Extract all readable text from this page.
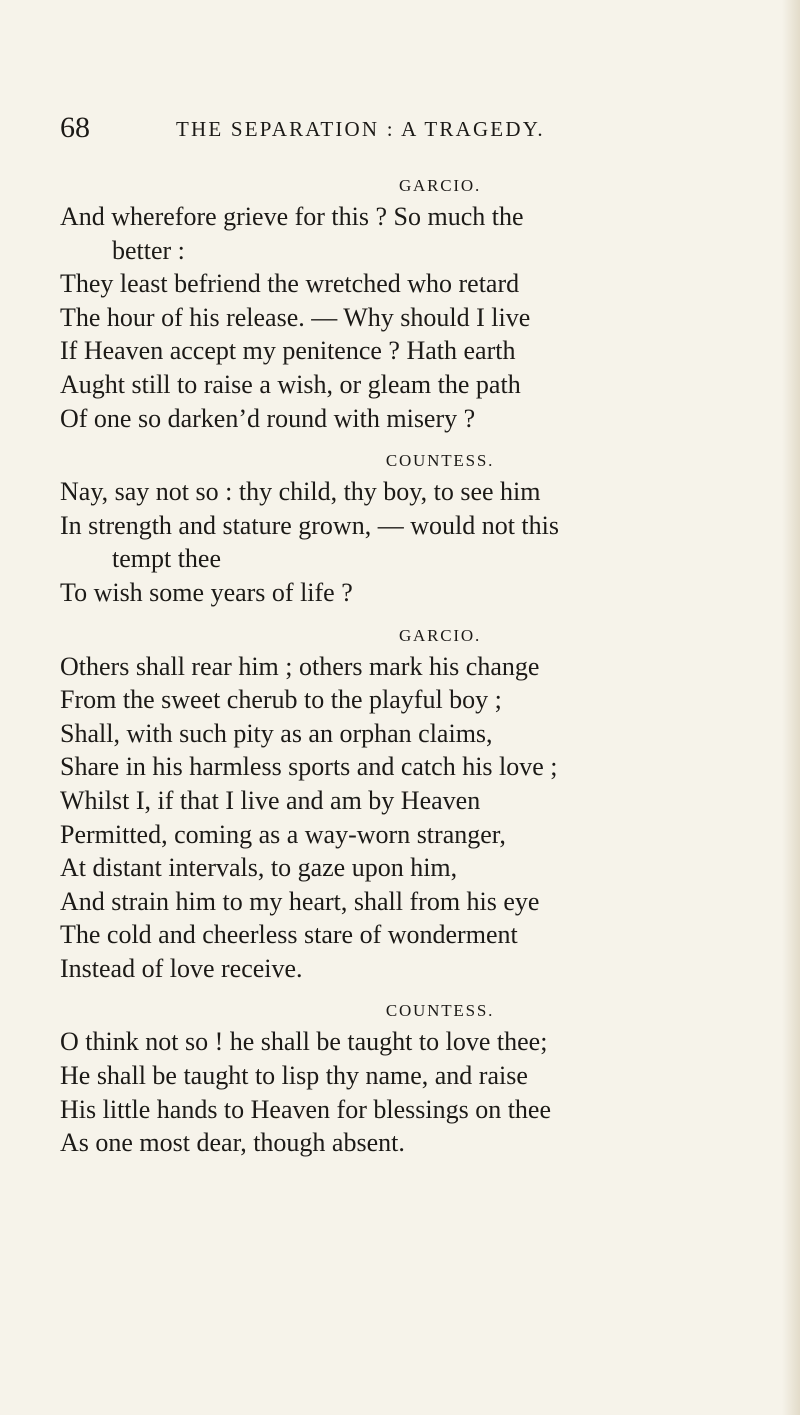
68	THE SEPARATION : A TRAGEDY.
GARCIO.
And wherefore grieve for this ? So much the
better :
They least befriend the wretched who retard
The hour of his release. — Why should I live
If Heaven accept my penitence ? Hath earth
Aught still to raise a wish, or gleam the path
Of one so darken’d round with misery ?
COUNTESS.
Nay, say not so : thy child, thy boy, to see him
In strength and stature grown, — would not this
tempt thee
To wish some years of life ?
GARCIO.
Others shall rear him ; others mark his change
From the sweet cherub to the playful boy ;
Shall, with such pity as an orphan claims,
Share in his harmless sports and catch his love ;
Whilst I, if that I live and am by Heaven
Permitted, coming as a way-worn stranger,
At distant intervals, to gaze upon him,
And strain him to my heart, shall from his eye
The cold and cheerless stare of wonderment
Instead of love receive.
COUNTESS.
O think not so ! he shall be taught to love thee;
He shall be taught to lisp thy name, and raise
His little hands to Heaven for blessings on thee
As one most dear, though absent.
